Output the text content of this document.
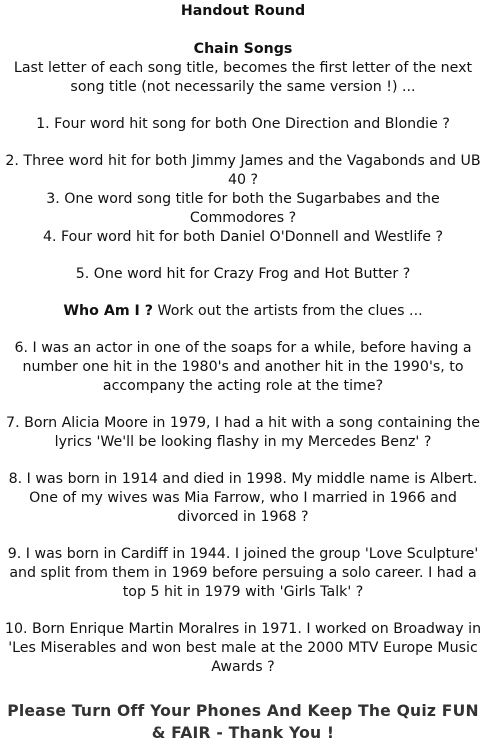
Handout Round

Chain Songs

Last letter of each song title, becomes the first letter of the next song title (not necessarily the same version !) ...

1. Four word hit song for both One Direction and Blondie ?

2. Three word hit for both Jimmy James and the Vagabonds and UB 40 ?

3. One word song title for both the Sugarbabes and the Commodores ?

4. Four word hit for both Daniel O'Donnell and Westlife ?

5. One word hit for Crazy Frog and Hot Butter ?

Who Am I ? Work out the artists from the clues ...

6. I was an actor in one of the soaps for a while, before having a number one hit in the 1980's and another hit in the 1990's, to accompany the acting role at the time?

7. Born Alicia Moore in 1979, I had a hit with a song containing the lyrics 'We'll be looking flashy in my Mercedes Benz' ?

8. I was born in 1914 and died in 1998. My middle name is Albert. One of my wives was Mia Farrow, who I married in 1966 and divorced in 1968 ?

9. I was born in Cardiff in 1944. I joined the group 'Love Sculpture' and split from them in 1969 before persuing a solo career. I had a top 5 hit in 1979 with 'Girls Talk' ?

10. Born Enrique Martin Moralres in 1971. I worked on Broadway in 'Les Miserables and won best male at the 2000 MTV Europe Music Awards ?

Please Turn Off Your Phones And Keep The Quiz FUN & FAIR - Thank You !
